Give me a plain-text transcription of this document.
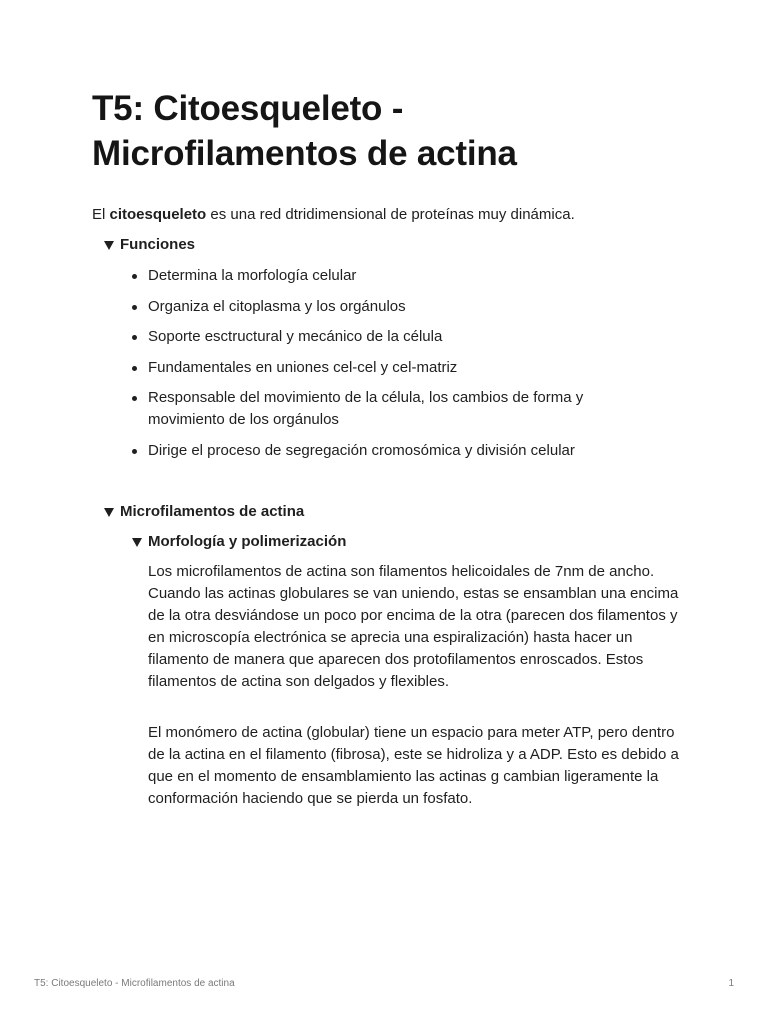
T5: Citoesqueleto -
Microfilamentos de actina

El citoesqueleto es una red dtridimensional de proteínas muy dinámica.

Funciones
Determina la morfología celular
Organiza el citoplasma y los orgánulos
Soporte esctructural y mecánico de la célula
Fundamentales en uniones cel-cel y cel-matriz
Responsable del movimiento de la célula, los cambios de forma y movimiento de los orgánulos
Dirige el proceso de segregación cromosómica y división celular
Microfilamentos de actina
Morfología y polimerización

Los microfilamentos de actina son filamentos helicoidales de 7nm de ancho. Cuando las actinas globulares se van uniendo, estas se ensamblan una encima de la otra desviándose un poco por encima de la otra (parecen dos filamentos y en microscopía electrónica se aprecia una espiralización) hasta hacer un filamento de manera que aparecen dos protofilamentos enroscados. Estos filamentos de actina son delgados y flexibles.

El monómero de actina (globular) tiene un espacio para meter ATP, pero dentro de la actina en el filamento (fibrosa), este se hidroliza y a ADP. Esto es debido a que en el momento de ensamblamiento las actinas g cambian ligeramente la conformación haciendo que se pierda un fosfato.

T5: Citoesqueleto - Microfilamentos de actina	1
